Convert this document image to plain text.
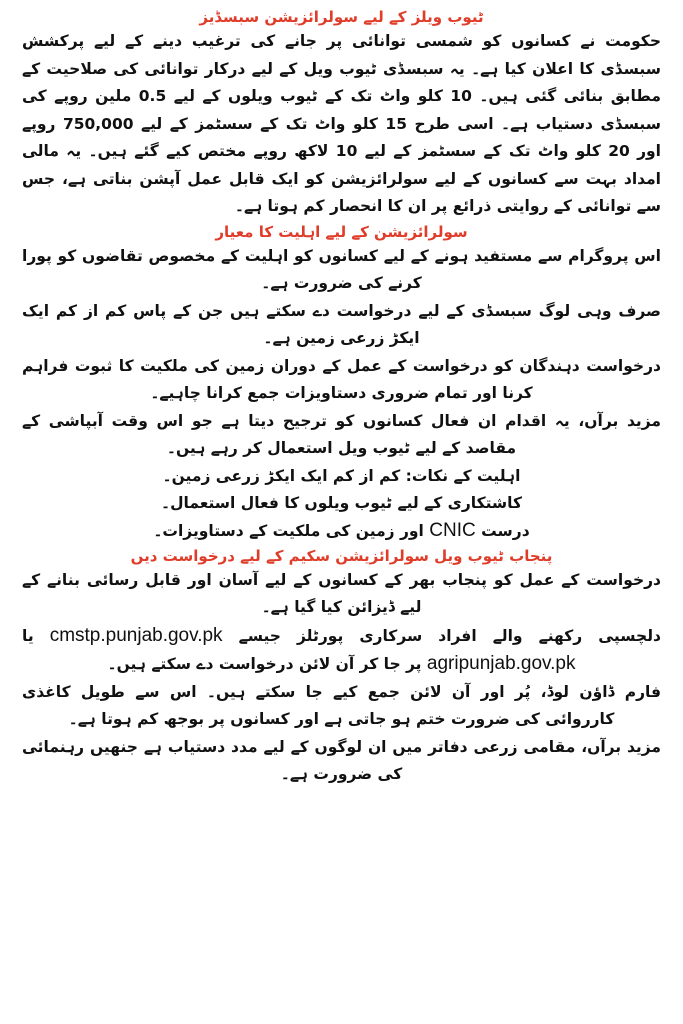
ٹیوب ویلز کے لیے سولرائزیشن سبسڈیز

حکومت نے کسانوں کو شمسی توانائی پر جانے کی ترغیب دینے کے لیے پرکشش سبسڈی کا اعلان کیا ہے۔ یہ سبسڈی ٹیوب ویل کے لیے درکار توانائی کی صلاحیت کے مطابق بنائی گئی ہیں۔ 10 کلو واٹ تک کے ٹیوب ویلوں کے لیے 0.5 ملین روپے کی سبسڈی دستیاب ہے۔ اسی طرح 15 کلو واٹ تک کے سسٹمز کے لیے 750,000 روپے اور 20 کلو واٹ تک کے سسٹمز کے لیے 10 لاکھ روپے مختص کیے گئے ہیں۔ یہ مالی امداد بہت سے کسانوں کے لیے سولرائزیشن کو ایک قابل عمل آپشن بناتی ہے، جس سے توانائی کے روایتی ذرائع پر ان کا انحصار کم ہوتا ہے۔

سولرائزیشن کے لیے اہلیت کا معیار

اس پروگرام سے مستفید ہونے کے لیے کسانوں کو اہلیت کے مخصوص تقاضوں کو پورا کرنے کی ضرورت ہے۔

صرف وہی لوگ سبسڈی کے لیے درخواست دے سکتے ہیں جن کے پاس کم از کم ایک ایکڑ زرعی زمین ہے۔

درخواست دہندگان کو درخواست کے عمل کے دوران زمین کی ملکیت کا ثبوت فراہم کرنا اور تمام ضروری دستاویزات جمع کرانا چاہیے۔

مزید برآں، یہ اقدام ان فعال کسانوں کو ترجیح دیتا ہے جو اس وقت آبپاشی کے مقاصد کے لیے ٹیوب ویل استعمال کر رہے ہیں۔

اہلیت کے نکات: کم از کم ایک ایکڑ زرعی زمین۔
کاشتکاری کے لیے ٹیوب ویلوں کا فعال استعمال۔
درست CNIC اور زمین کی ملکیت کے دستاویزات۔
پنجاب ٹیوب ویل سولرائزیشن سکیم کے لیے درخواست دیں

درخواست کے عمل کو پنجاب بھر کے کسانوں کے لیے آسان اور قابل رسائی بنانے کے لیے ڈیزائن کیا گیا ہے۔

دلچسپی رکھنے والے افراد سرکاری پورٹلز جیسے cmstp.punjab.gov.pk یا agripunjab.gov.pk پر جا کر آن لائن درخواست دے سکتے ہیں۔

فارم ڈاؤن لوڈ، پُر اور آن لائن جمع کیے جا سکتے ہیں۔ اس سے طویل کاغذی کارروائی کی ضرورت ختم ہو جاتی ہے اور کسانوں پر بوجھ کم ہوتا ہے۔

مزید برآں، مقامی زرعی دفاتر میں ان لوگوں کے لیے مدد دستیاب ہے جنھیں رہنمائی کی ضرورت ہے۔
